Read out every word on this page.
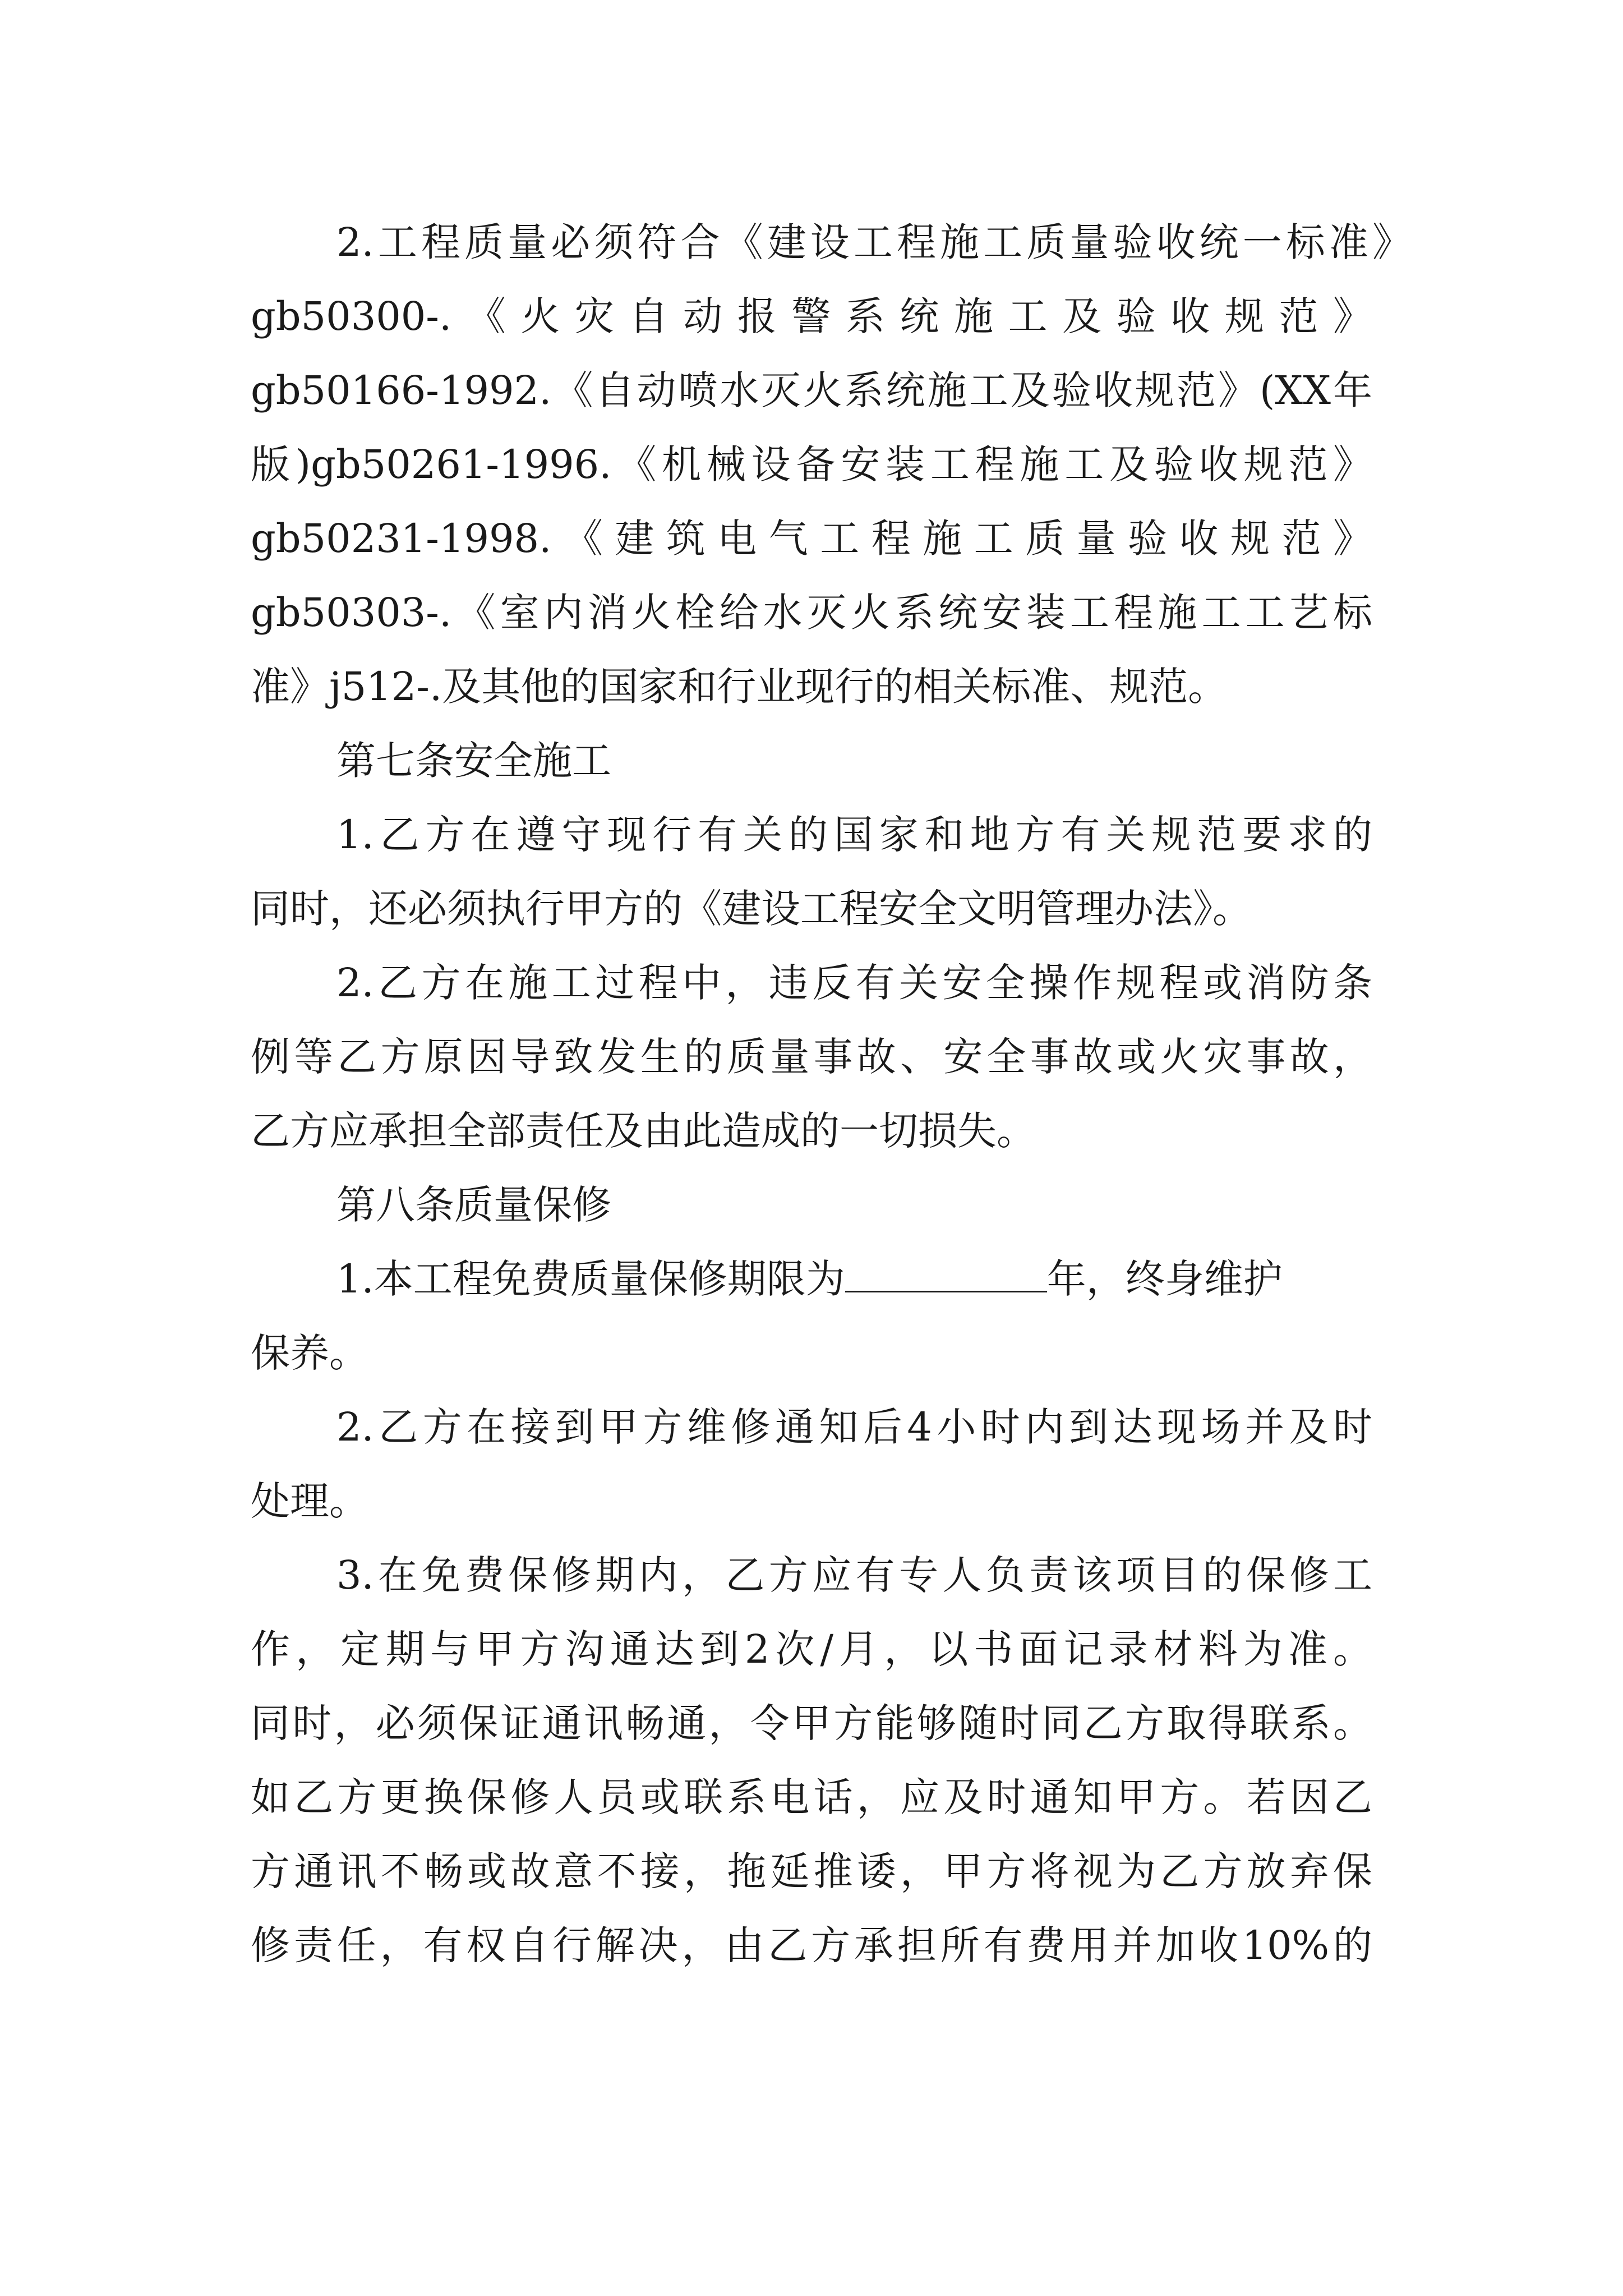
2.工程质量必须符合《建设工程施工质量验收统一标准》
gb50300-.《火灾自动报警系统施工及验收规范》
gb50166-1992.《自动喷水灭火系统施工及验收规范》(XX年
版)gb50261-1996.《机械设备安装工程施工及验收规范》
gb50231-1998.《建筑电气工程施工质量验收规范》
gb50303-.《室内消火栓给水灭火系统安装工程施工工艺标
准》j512-.及其他的国家和行业现行的相关标准、规范。
第七条安全施工
1.乙方在遵守现行有关的国家和地方有关规范要求的
同时，还必须执行甲方的《建设工程安全文明管理办法》。
2.乙方在施工过程中，违反有关安全操作规程或消防条
例等乙方原因导致发生的质量事故、安全事故或火灾事故，
乙方应承担全部责任及由此造成的一切损失。
第八条质量保修
1.本工程免费质量保修期限为	年，终身维护
保养。
2.乙方在接到甲方维修通知后4小时内到达现场并及时
处理。
3.在免费保修期内，乙方应有专人负责该项目的保修工
作，定期与甲方沟通达到2次/月，以书面记录材料为准。
同时，必须保证通讯畅通，令甲方能够随时同乙方取得联系。
如乙方更换保修人员或联系电话，应及时通知甲方。若因乙
方通讯不畅或故意不接，拖延推诿，甲方将视为乙方放弃保
修责任，有权自行解决，由乙方承担所有费用并加收10%的
